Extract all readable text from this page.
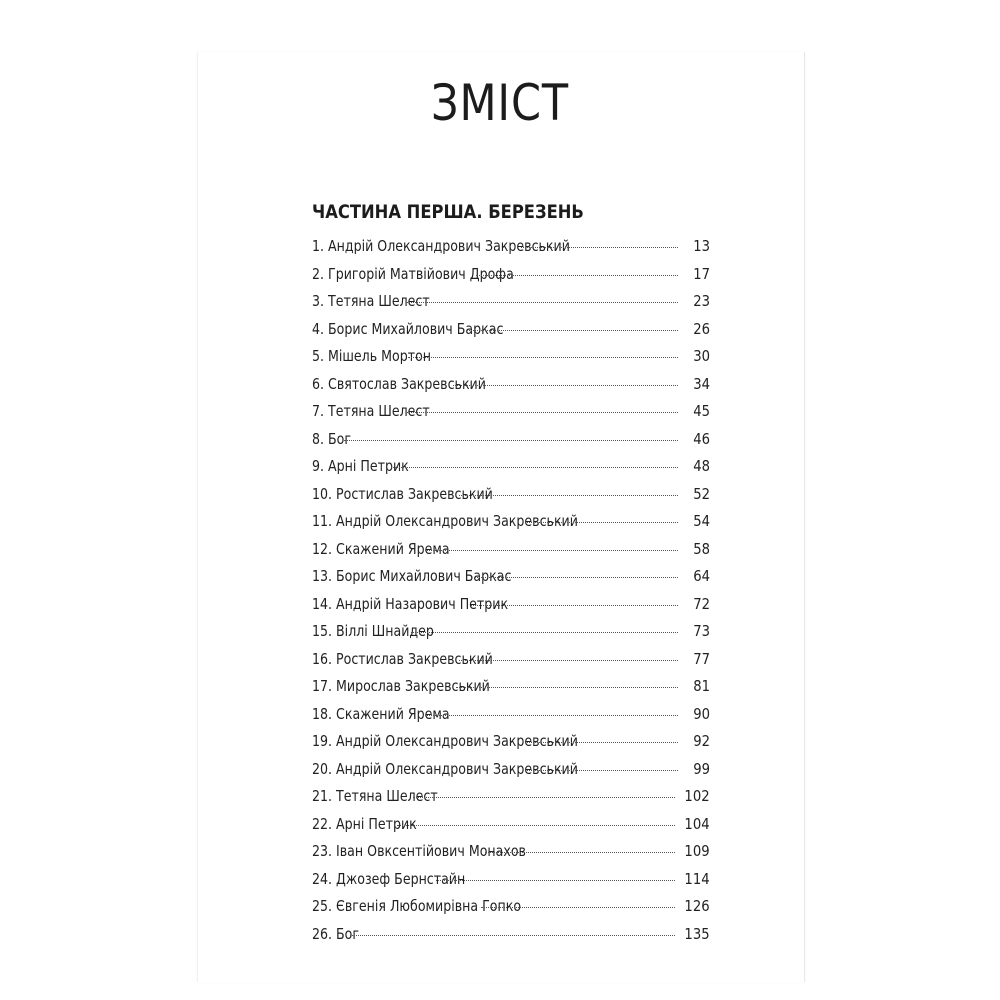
ЗМІСТ
ЧАСТИНА ПЕРША. БЕРЕЗЕНЬ
1. Андрій Олександрович Закревський	13
2. Григорій Матвійович Дрофа	17
3. Тетяна Шелест	23
4. Борис Михайлович Баркас	26
5. Мішель Мортон	30
6. Святослав Закревський	34
7. Тетяна Шелест	45
8. Бог	46
9. Арні Петрик	48
10. Ростислав Закревський	52
11. Андрій Олександрович Закревський	54
12. Скажений Ярема	58
13. Борис Михайлович Баркас	64
14. Андрій Назарович Петрик	72
15. Віллі Шнайдер	73
16. Ростислав Закревський	77
17. Мирослав Закревський	81
18. Скажений Ярема	90
19. Андрій Олександрович Закревський	92
20. Андрій Олександрович Закревський	99
21. Тетяна Шелест	102
22. Арні Петрик	104
23. Іван Овксентійович Монахов	109
24. Джозеф Бернстайн	114
25. Євгенія Любомирівна Гопко	126
26. Бог	135
